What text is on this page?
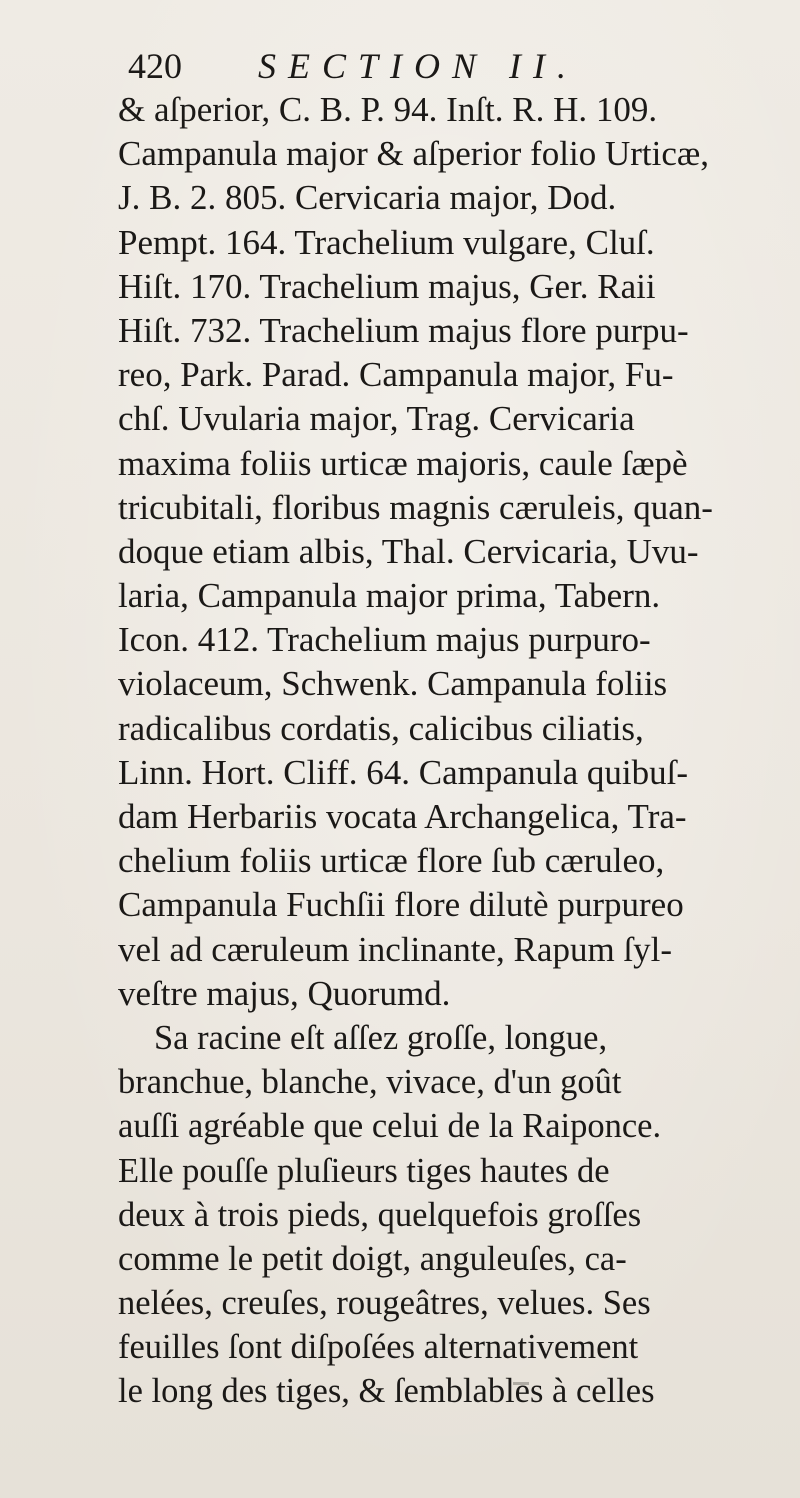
420 SECTION II.
& aſperior, C. B. P. 94. Inſt. R. H. 109.
Campanula major & aſperior folio Urticæ,
J. B. 2. 805. Cervicaria major, Dod.
Pempt. 164. Trachelium vulgare, Cluſ.
Hiſt. 170. Trachelium majus, Ger. Raii
Hiſt. 732. Trachelium majus flore purpu-
reo, Park. Parad. Campanula major, Fu-
chſ. Uvularia major, Trag. Cervicaria
maxima foliis urticæ majoris, caule ſæpè
tricubitali, floribus magnis cæruleis, quan-
doque etiam albis, Thal. Cervicaria, Uvu-
laria, Campanula major prima, Tabern.
Icon. 412. Trachelium majus purpuro-
violaceum, Schwenk. Campanula foliis
radicalibus cordatis, calicibus ciliatis,
Linn. Hort. Cliff. 64. Campanula quibuſ-
dam Herbariis vocata Archangelica, Tra-
chelium foliis urticæ flore ſub cæruleo,
Campanula Fuchſii flore dilutè purpureo
vel ad cæruleum inclinante, Rapum ſyl-
veſtre majus, Quorumd.
Sa racine eſt aſſez groſſe, longue,
branchue, blanche, vivace, d'un goût
auſſi agréable que celui de la Raiponce.
Elle pouſſe pluſieurs tiges hautes de
deux à trois pieds, quelquefois groſſes
comme le petit doigt, anguleuſes, ca-
nelées, creuſes, rougeâtres, velues. Ses
feuilles ſont diſpoſées alternativement
le long des tiges, & ſemblables à celles
